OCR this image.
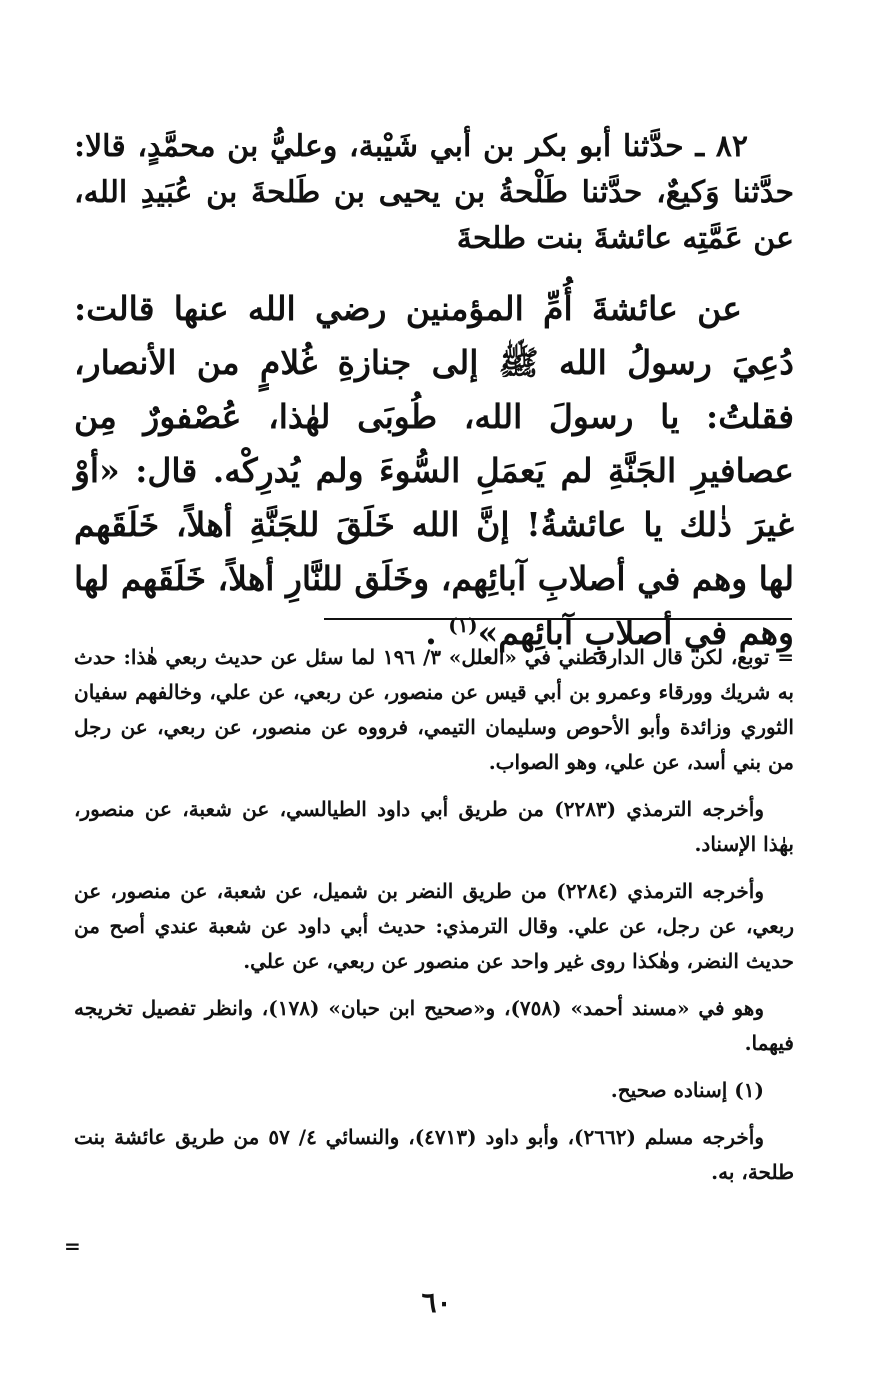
٨٢ ـ حدَّثنا أبو بكر بن أبي شَيْبة، وعليُّ بن محمَّدٍ، قالا: حدَّثنا وَكيعٌ، حدَّثنا طَلْحةُ بن يحيى بن طَلحةَ بن عُبَيدِ الله، عن عَمَّتِه عائشةَ بنت طلحةَ

عن عائشةَ أُمِّ المؤمنين رضي الله عنها قالت: دُعِيَ رسولُ الله ﷺ إلى جنازةِ غُلامٍ من الأنصار، فقلتُ: يا رسولَ الله، طُوبَى لهٰذا، عُصْفورٌ مِن عصافيرِ الجَنَّةِ لم يَعمَلِ السُّوءَ ولم يُدرِكْه. قال: «أوْ غيرَ ذٰلك يا عائشةُ! إنَّ الله خَلَقَ للجَنَّةِ أهلاً، خَلَقَهم لها وهم في أصلابِ آبائِهم، وخَلَق للنَّارِ أهلاً، خَلَقَهم لها وهم في أصلابِ آبائِهم»$^{(١)}$ .

= توبع، لكن قال الدارقطني في «العلل» ٣/ ١٩٦ لما سئل عن حديث ربعي هٰذا: حدث به شريك وورقاء وعمرو بن أبي قيس عن منصور، عن ربعي، عن علي، وخالفهم سفيان الثوري وزائدة وأبو الأحوص وسليمان التيمي، فرووه عن منصور، عن ربعي، عن رجل من بني أسد، عن علي، وهو الصواب.

وأخرجه الترمذي (٢٢٨٣) من طريق أبي داود الطيالسي، عن شعبة، عن منصور، بهٰذا الإسناد.

وأخرجه الترمذي (٢٢٨٤) من طريق النضر بن شميل، عن شعبة، عن منصور، عن ربعي، عن رجل، عن علي. وقال الترمذي: حديث أبي داود عن شعبة عندي أصح من حديث النضر، وهٰكذا روى غير واحد عن منصور عن ربعي، عن علي.

وهو في «مسند أحمد» (٧٥٨)، و«صحيح ابن حبان» (١٧٨)، وانظر تفصيل تخريجه فيهما.

(١) إسناده صحيح.

وأخرجه مسلم (٢٦٦٢)، وأبو داود (٤٧١٣)، والنسائي ٤/ ٥٧ من طريق عائشة بنت طلحة، به.

=
٦٠
